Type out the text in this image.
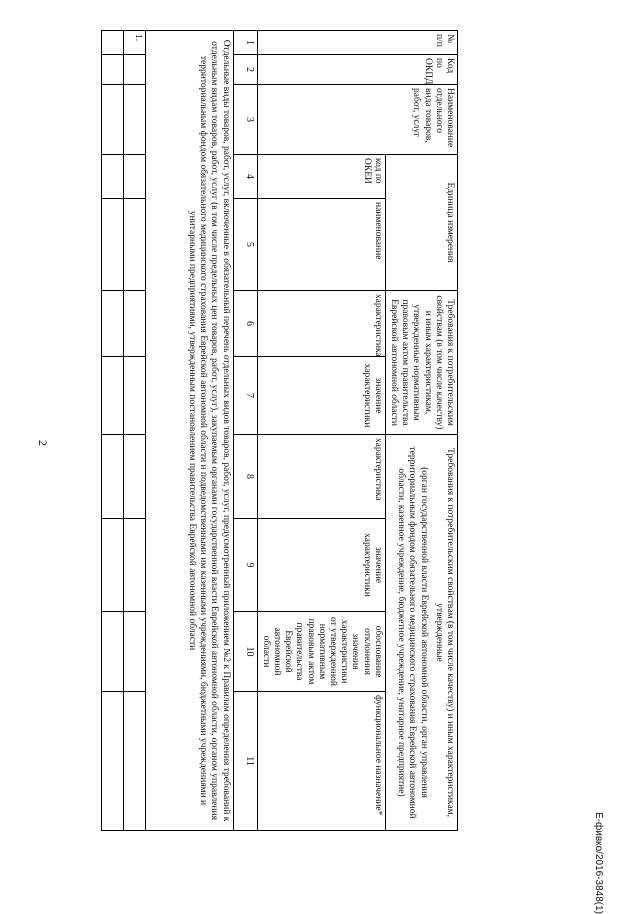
2
№ п/п	Код по ОКПД	Наименование отдельного вида товаров, работ, услуг	Единица измерения		Требования к потребительским свойствам (в том числе качеству) и иным характеристикам, утвержденные нормативным правовым актом правительства Еврейской автономной области		Требования к потребительским свойствам (в том числе качеству) и иным характеристикам, утвержденные
(орган государственной власти Еврейской автономной области, орган управления территориальным фондом обязательного медицинского страхования Еврейской автономной области, казенное учреждение, бюджетное учреждение, унитарное предприятие)			

			код по ОКЕИ	наименование	характеристика	значение характеристики	характеристика	значение характеристики	обоснование отклонения значения характеристики от утвержденной нормативным правовым актом правительства Еврейской автономной области	функциональное назначение*
1	2	3	4	5	6	7	8	9	10	11
Отдельные виды товаров, работ, услуг, включенные в обязательный перечень отдельных видов товаров, работ, услуг, предусмотренный приложением №2 к Правилам определения требований к отдельным видам товаров, работ, услуг (в том числе предельных цен товаров, работ, услуг), закупаемым органами государственной власти Еврейской автономной области, органом управления территориальным фондом обязательного медицинского страхования Еврейской автономной области и подведомственными им казенными учреждениями, бюджетными учреждениями и унитарными предприятиями, утвержденным постановлением правительства Еврейской автономной области										
1.										

Е-фивко/2016-3848(1)
